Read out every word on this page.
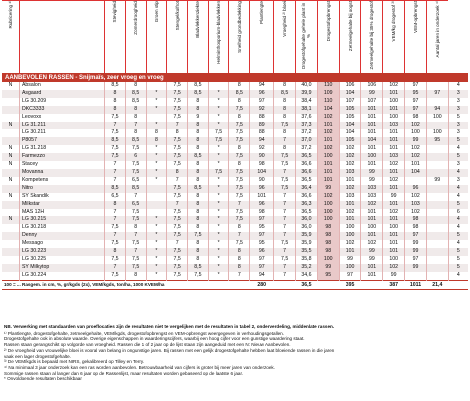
Rubricering ¹⁾		Stevigheid	Zomerdroogheid	Groen stip	Stengel/kolfrot	Bladvlekkenziekte	Helminthosporium-bladvlekken	Snelheid grondbedekking	Plantlengte	Vroegheid ²⁾ bloei	Drogestofgehalte gehele plant in %	Drogestofopbrengst	Zetmeelgehalte bij oogst	Zetmeelgehalte bij 35% drogestof	VEM/kg drogestof ³⁾	VEM-opbrengst	Aantal jaren in onderzoek ⁴⁾	

AANBEVOLEN RASSEN - Snijmaïs, zeer vroeg en vroeg																		
N	Absalon	8,5	8		7,5	8,5		8	94	8	40,0	110	106	106	102	97		4
	Asgaard	8	8,5	*	7,5	8,5	*	8,5	96	8,5	39,9	109	104	99	101	95	97	3
	LG 30.209	8	8,5	*	7,5	8	*	8	97	8	38,4	110	107	107	100	97		3
	DKC3333	8	8	*	7,5	8	*	7,5	92	8	38,1	104	105	101	101	97	94	3
	Leovoxx	7,5	8		7,5	9	*	8	88	8	37,6	102	105	101	100	98	100	5
N	LG 31.211	7	7	*	7	8	*	7,5	89	7,5	37,3	101	104	101	103	102		3
	LG 30.211	7,5	8	8	8	8	7,5	7,5	88	8	37,2	102	104	101	101	100	100	3
	P8057	8,5	8,5	8	7,5	8	7,5	7,5	94	7	37,0	101	105	104	101	99	95	5
N	LG 31.218	7,5	7,5	*	7,5	8	*	8	92	8	37,2	102	102	101	101	102		4
N	Farmezzo	7,5	6	*	7,5	8,5	*	7,5	90	7,5	36,5	100	102	100	103	102		5
N	Stacey	7	7,5	*	7,5	8	*	8	98	7,5	36,6	101	102	101	102	101		3
	Movanna	7	7,5	*	8	8	7,5	7,5	104	7	36,6	101	103	99	101	104		4
N	Kompetens	7	6,5	*	7	8	*	7,5	90	7,5	36,5	101	101	99	102		99	3
	Nitro	8,5	8,5		7,5	8,5	*	7,5	96	7,5	36,4	99	102	103	101	96		4
N	SY Skandik	6,5	7		7,5	8	*	7,5	101	7	36,6	102	103	103	99	102		4
	Milkstar	8	6,5		7	8	*	7	96	7	36,3	100	101	102	101	103		5
	MAS 12H	7	7,5		7,5	8	*	7,5	98	7	36,5	100	102	101	102	102		6
N	LG 30.215	7	7,5	*	7,5	8	*	7,5	97	7	36,0	100	101	101	101	98		4
	LG 30.218	7,5	8	*	7,5	8	*	8	95	7	36,0	98	100	100	100	98		4
	Denny	7	7	*	7,5	7,5	*	7	97	7	35,9	98	100	101	101	97		5
	Messago	7,5	7,5	*	7	8	*	7,5	95	7,5	35,9	98	102	102	101	99		4
	LG 30.223	8	7	*	7,5	8	*	8	96	7	35,5	98	101	99	101	99		5
	LG 30.225	7,5	7,5	*	7,5	8	*	8	97	7,5	35,8	100	99	99	100	97		5
	SY Milkytop	7	7,5	*	7,5	8,5	*	8	97	7	35,2	99	100	101	102	99		5
	LG 30.224	7,5	8	*	7,5	7,5	*	7	94	7	34,6	95	97	101	99			4
100 = ... Rasgem. in cm, %, gr/kgds (2x), VEM/kgds, ton/ha, 1000 KVEM/ha									280		36,5		395		387	1011	21,4	
NB. Verwerking met standaarden van proeflocaties zijn de resultaten niet te vergelijken met de resultaten in tabel 2, onderverdeling, middenlate rassen.
¹⁾ Plantlengte, drogestofgehalte, zetmeelgehalte, VEM/kgds, drogestofopbrengst en VEM-opbrengst weergegeven in verhoudingsgetallen.
Drogestofgehalte ook in absolute waarde. Overige eigenschappen in waarderingscijfers, waarbij een hoog cijfer voor een gunstige waardering staat.
Rassen staan gerangschikt op volgorde van vroegheid. Rassen die 1 of 2 jaar op de lijst staan zijn aangeduid met een N: Nieuw Aanbevolen.
²⁾ De vroegheid van vrouwelijke bloei is vooral van belang in ongunstige jaren. Bij rassen met een gelijk drogestofgehalte hebben laat bloeiende rassen in die jaren
vaak een lager drogestofgehalte.
³⁾ De VEM/kgds is bepaald met NIRS, gekalibreerd op Tilley en Terry.
⁴⁾ Na minimaal 3 jaar onderzoek kan een ras worden aanbevolen. Betrouwbaarheid van cijfers is groter bij meer jaren van onderzoek.
Sommige rassen staan al langer dan 6 jaar op de Rassenlijst, maar resultaten worden gebaseerd op de laatste 6 jaar.
* Onvoldoende resultaten beschikbaar
